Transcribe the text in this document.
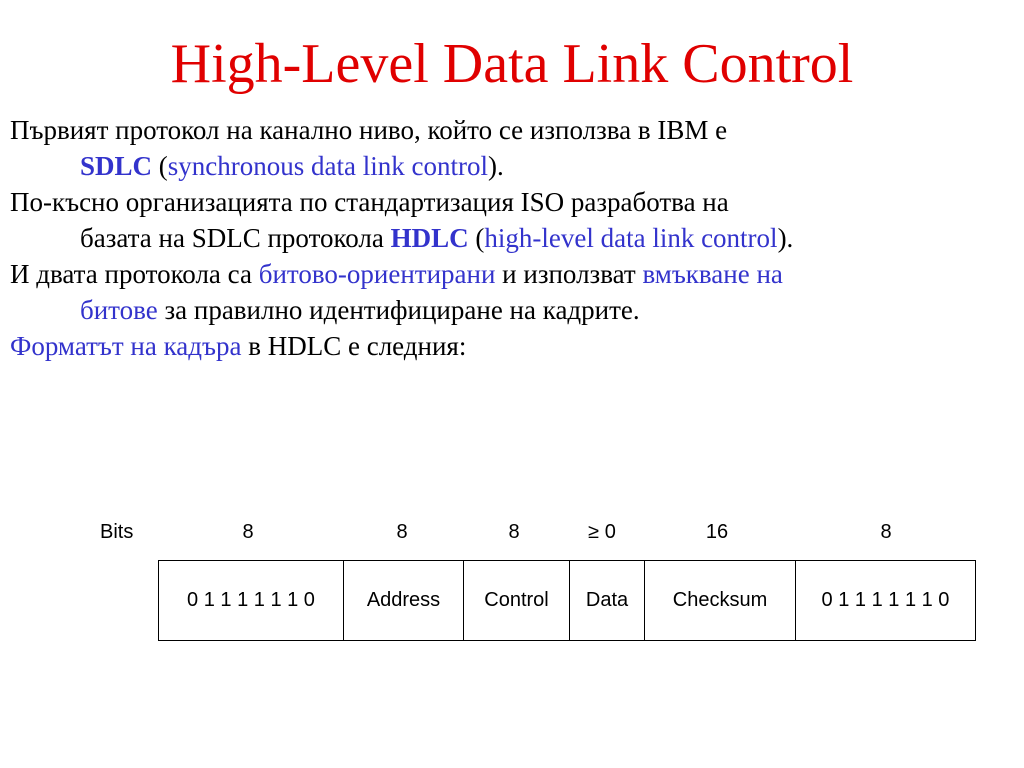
High-Level Data Link Control

Първият протокол на канално ниво, който се използва в IBM е
SDLC (synchronous data link control).

По-късно организацията по стандартизация ISO разработва на
базата на SDLC протокола HDLC (high-level data link control).

И двата протокола са битово-ориентирани и използват вмъкване на
битове за правилно идентифициране на кадрите.

Форматът на кадъра в HDLC е следния:

Bits	8	8	8	≥ 0	16	8
0 1 1 1 1 1 1 0	Address	Control	Data	Checksum	0 1 1 1 1 1 1 0
